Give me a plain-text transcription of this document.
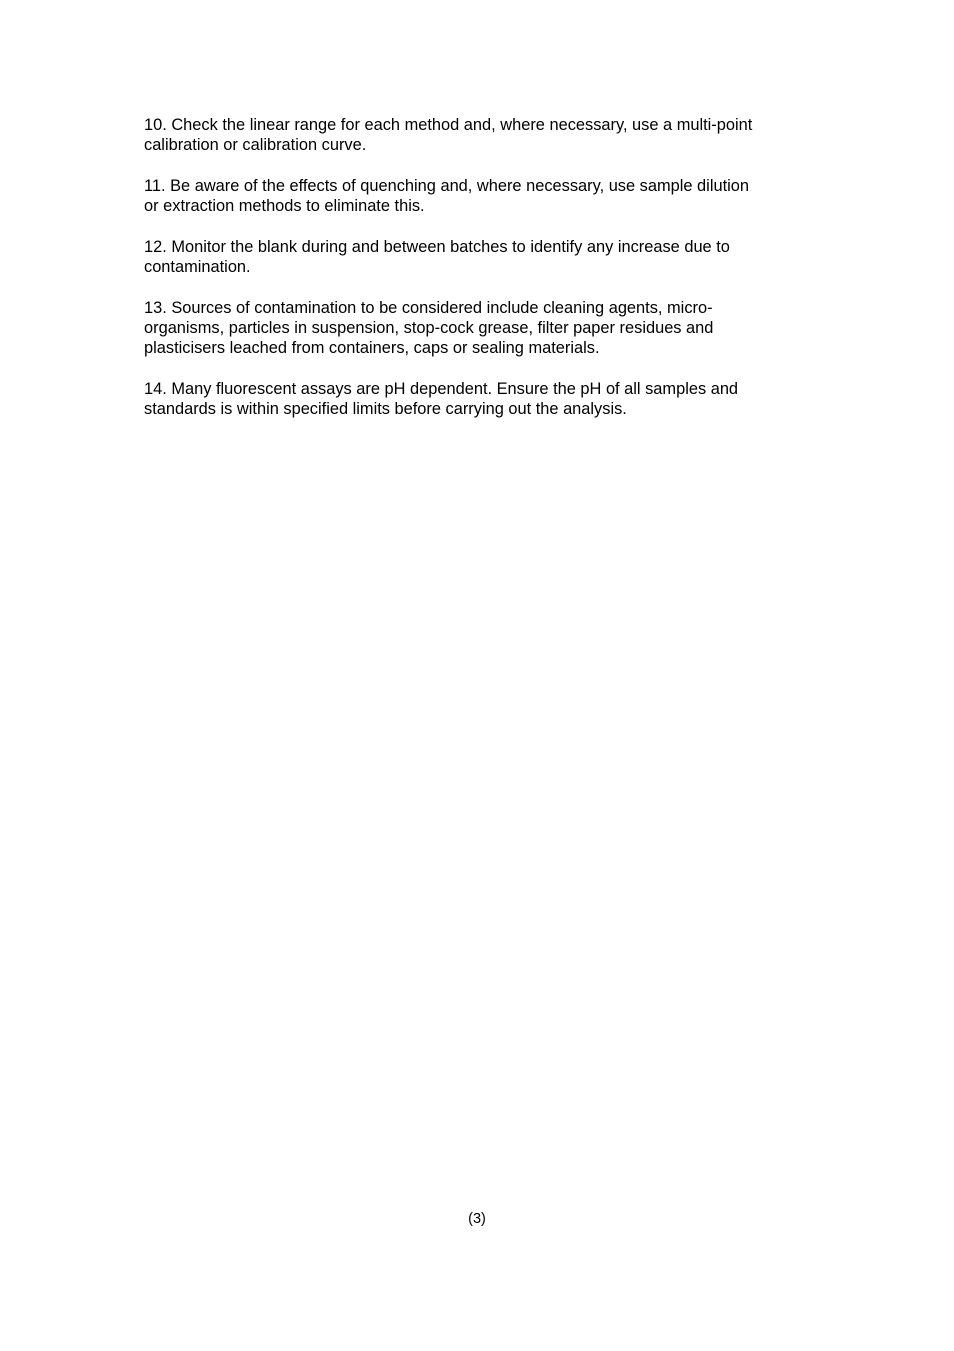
10. Check the linear range for each method and, where necessary, use a multi-point
calibration or calibration curve.

11. Be aware of the effects of quenching and, where necessary, use sample dilution
or extraction methods to eliminate this.

12. Monitor the blank during and between batches to identify any increase due to
contamination.

13. Sources of contamination to be considered include cleaning agents, micro-
organisms, particles in suspension, stop-cock grease, filter paper residues and
plasticisers leached from containers, caps or sealing materials.

14. Many fluorescent assays are pH dependent. Ensure the pH of all samples and
standards is within specified limits before carrying out the analysis.

(3)
